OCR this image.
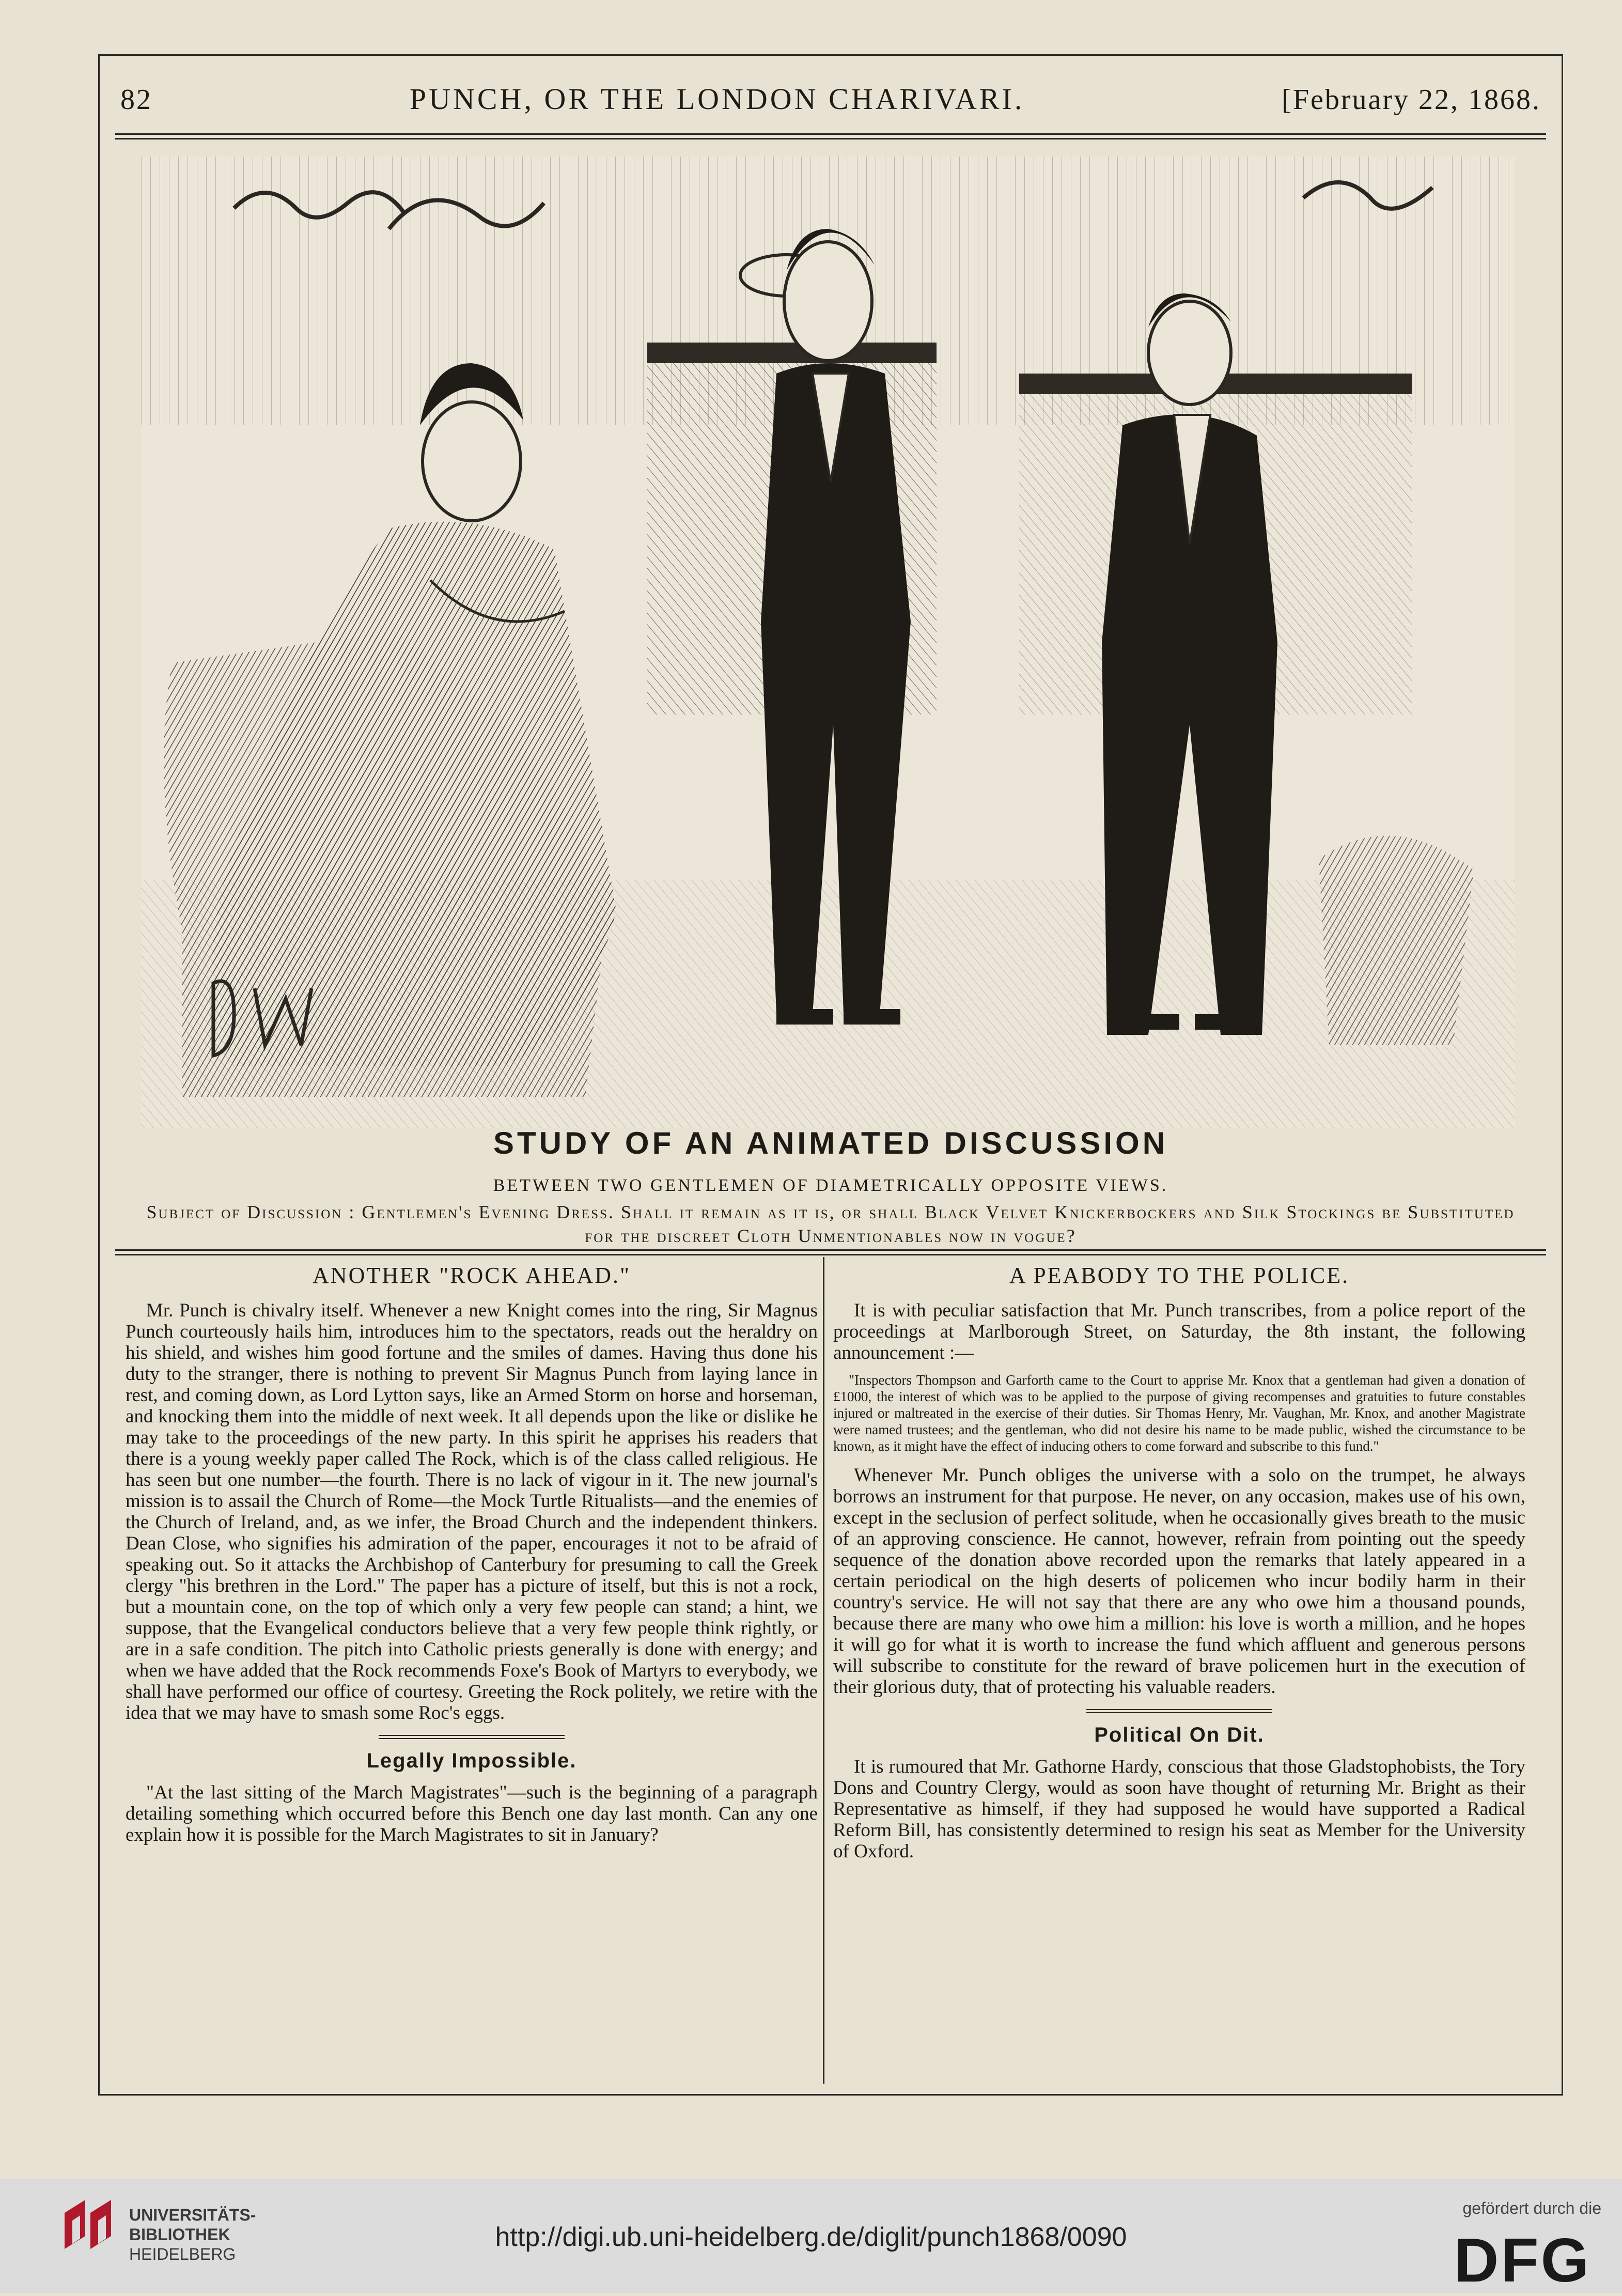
82	PUNCH, OR THE LONDON CHARIVARI.	[February 22, 1868.
STUDY OF AN ANIMATED DISCUSSION
BETWEEN TWO GENTLEMEN OF DIAMETRICALLY OPPOSITE VIEWS.
Subject of Discussion : Gentlemen's Evening Dress. Shall it remain as it is, or shall Black Velvet Knickerbockers and Silk Stockings be Substituted for the discreet Cloth Unmentionables now in vogue?
ANOTHER "ROCK AHEAD."

Mr. Punch is chivalry itself. Whenever a new Knight comes into the ring, Sir Magnus Punch courteously hails him, introduces him to the spectators, reads out the heraldry on his shield, and wishes him good fortune and the smiles of dames. Having thus done his duty to the stranger, there is nothing to prevent Sir Magnus Punch from laying lance in rest, and coming down, as Lord Lytton says, like an Armed Storm on horse and horseman, and knocking them into the middle of next week. It all depends upon the like or dislike he may take to the proceedings of the new party. In this spirit he apprises his readers that there is a young weekly paper called The Rock, which is of the class called religious. He has seen but one number—the fourth. There is no lack of vigour in it. The new journal's mission is to assail the Church of Rome—the Mock Turtle Ritualists—and the enemies of the Church of Ireland, and, as we infer, the Broad Church and the independent thinkers. Dean Close, who signifies his admiration of the paper, encourages it not to be afraid of speaking out. So it attacks the Archbishop of Canterbury for presuming to call the Greek clergy "his brethren in the Lord." The paper has a picture of itself, but this is not a rock, but a mountain cone, on the top of which only a very few people can stand; a hint, we suppose, that the Evangelical conductors believe that a very few people think rightly, or are in a safe condition. The pitch into Catholic priests generally is done with energy; and when we have added that the Rock recommends Foxe's Book of Martyrs to everybody, we shall have performed our office of courtesy. Greeting the Rock politely, we retire with the idea that we may have to smash some Roc's eggs.

Legally Impossible.

"At the last sitting of the March Magistrates"—such is the beginning of a paragraph detailing something which occurred before this Bench one day last month. Can any one explain how it is possible for the March Magistrates to sit in January?

A PEABODY TO THE POLICE.

It is with peculiar satisfaction that Mr. Punch transcribes, from a police report of the proceedings at Marlborough Street, on Saturday, the 8th instant, the following announcement :—

"Inspectors Thompson and Garforth came to the Court to apprise Mr. Knox that a gentleman had given a donation of £1000, the interest of which was to be applied to the purpose of giving recompenses and gratuities to future constables injured or maltreated in the exercise of their duties. Sir Thomas Henry, Mr. Vaughan, Mr. Knox, and another Magistrate were named trustees; and the gentleman, who did not desire his name to be made public, wished the circumstance to be known, as it might have the effect of inducing others to come forward and subscribe to this fund."

Whenever Mr. Punch obliges the universe with a solo on the trumpet, he always borrows an instrument for that purpose. He never, on any occasion, makes use of his own, except in the seclusion of perfect solitude, when he occasionally gives breath to the music of an approving conscience. He cannot, however, refrain from pointing out the speedy sequence of the donation above recorded upon the remarks that lately appeared in a certain periodical on the high deserts of policemen who incur bodily harm in their country's service. He will not say that there are any who owe him a thousand pounds, because there are many who owe him a million: his love is worth a million, and he hopes it will go for what it is worth to increase the fund which affluent and generous persons will subscribe to constitute for the reward of brave policemen hurt in the execution of their glorious duty, that of protecting his valuable readers.

Political On Dit.

It is rumoured that Mr. Gathorne Hardy, conscious that those Gladstophobists, the Tory Dons and Country Clergy, would as soon have thought of returning Mr. Bright as their Representative as himself, if they had supposed he would have supported a Radical Reform Bill, has consistently determined to resign his seat as Member for the University of Oxford.

UNIVERSITÄTS-
BIBLIOTHEK
HEIDELBERG
http://digi.ub.uni-heidelberg.de/diglit/punch1868/0090
gefördert durch die
DFG
